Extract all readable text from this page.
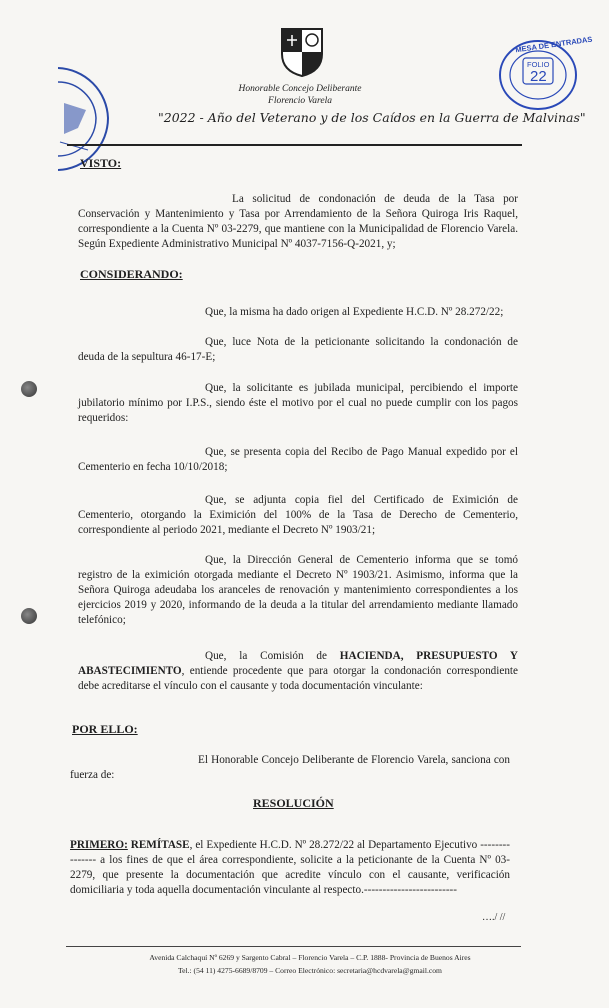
Honorable Concejo Deliberante
Florencio Varela
"2022 - Año del Veterano y de los Caídos en la Guerra de Malvinas"
MESA DE ENTRADAS
FOLIO
22
VISTO:
La solicitud de condonación de deuda de la Tasa por Conservación y Mantenimiento y Tasa por Arrendamiento de la Señora Quiroga Iris Raquel, correspondiente a la Cuenta Nº 03-2279, que mantiene con la Municipalidad de Florencio Varela. Según Expediente Administrativo Municipal Nº 4037-7156-Q-2021, y;
CONSIDERANDO:
Que, la misma ha dado origen al Expediente H.C.D. Nº 28.272/22;
Que, luce Nota de la peticionante solicitando la condonación de deuda de la sepultura 46-17-E;
Que, la solicitante es jubilada municipal, percibiendo el importe jubilatorio mínimo por I.P.S., siendo éste el motivo por el cual no puede cumplir con los pagos requeridos:
Que, se presenta copia del Recibo de Pago Manual expedido por el Cementerio en fecha 10/10/2018;
Que, se adjunta copia fiel del Certificado de Eximición de Cementerio, otorgando la Eximición del 100% de la Tasa de Derecho de Cementerio, correspondiente al periodo 2021, mediante el Decreto Nº 1903/21;
Que, la Dirección General de Cementerio informa que se tomó registro de la eximición otorgada mediante el Decreto Nº 1903/21. Asimismo, informa que la Señora Quiroga adeudaba los aranceles de renovación y mantenimiento correspondientes a los ejercicios 2019 y 2020, informando de la deuda a la titular del arrendamiento mediante llamado telefónico;
Que, la Comisión de HACIENDA, PRESUPUESTO Y ABASTECIMIENTO, entiende procedente que para otorgar la condonación correspondiente debe acreditarse el vínculo con el causante y toda documentación vinculante:
POR ELLO:
El Honorable Concejo Deliberante de Florencio Varela, sanciona con fuerza de:
RESOLUCIÓN
PRIMERO: REMÍTASE, el Expediente H.C.D. Nº 28.272/22 al Departamento Ejecutivo --------------- a los fines de que el área correspondiente, solicite a la peticionante de la Cuenta Nº 03-2279, que presente la documentación que acredite vínculo con el causante, verificación domiciliaria y toda aquella documentación vinculante al respecto.-------------------------
…./ //
Avenida Calchaquí Nº 6269 y Sargento Cabral – Florencio Varela – C.P. 1888- Provincia de Buenos Aires
Tel.: (54 11) 4275-6689/8709 – Correo Electrónico: secretaria@hcdvarela@gmail.com
